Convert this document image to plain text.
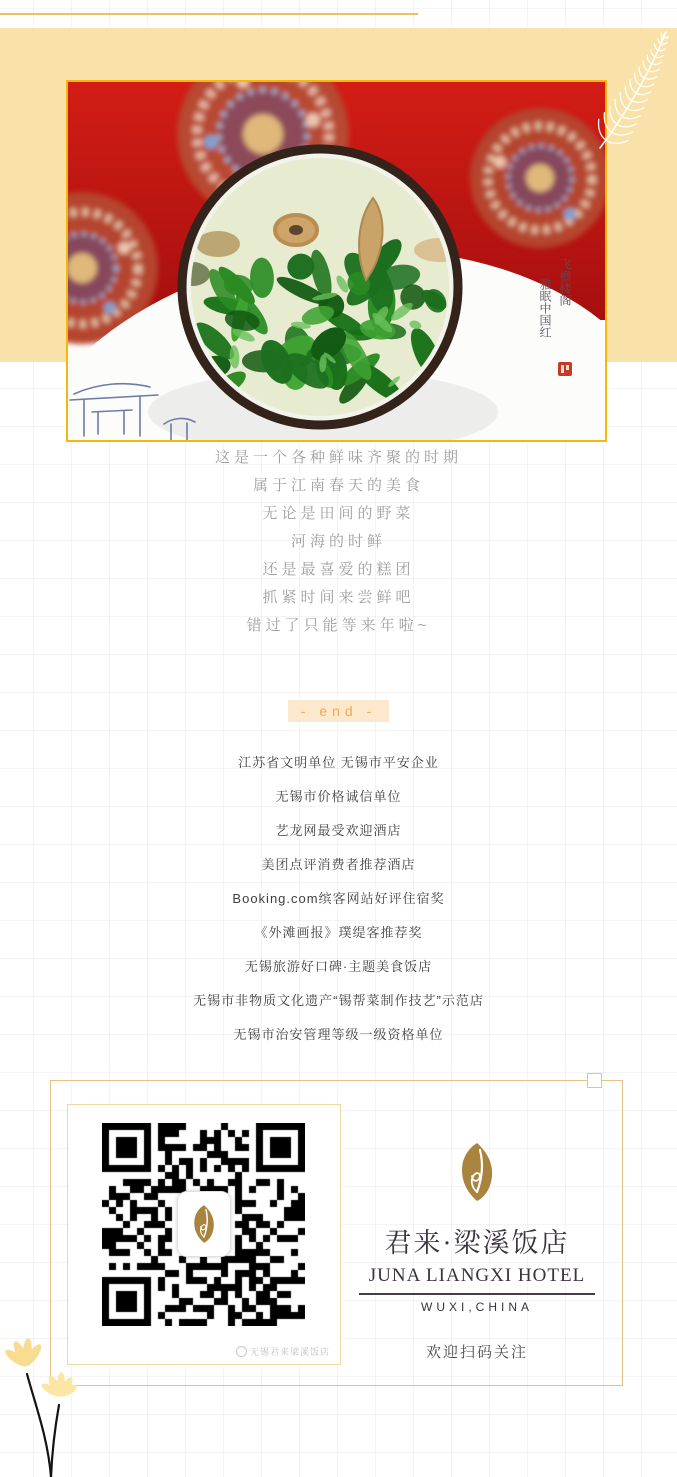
飞檐楼阁
雅眠中国红
这是一个各种鲜味齐聚的时期
属于江南春天的美食
无论是田间的野菜
河海的时鲜
还是最喜爱的糕团
抓紧时间来尝鲜吧
错过了只能等来年啦~
- end -
江苏省文明单位 无锡市平安企业
无锡市价格诚信单位
艺龙网最受欢迎酒店
美团点评消费者推荐酒店
Booking.com缤客网站好评住宿奖
《外滩画报》璞缇客推荐奖
无锡旅游好口碑·主题美食饭店
无锡市非物质文化遗产“锡帮菜制作技艺”示范店
无锡市治安管理等级一级资格单位
无锡君来梁溪饭店
君来·梁溪饭店
JUNA LIANGXI HOTEL
WUXI,CHINA
欢迎扫码关注
